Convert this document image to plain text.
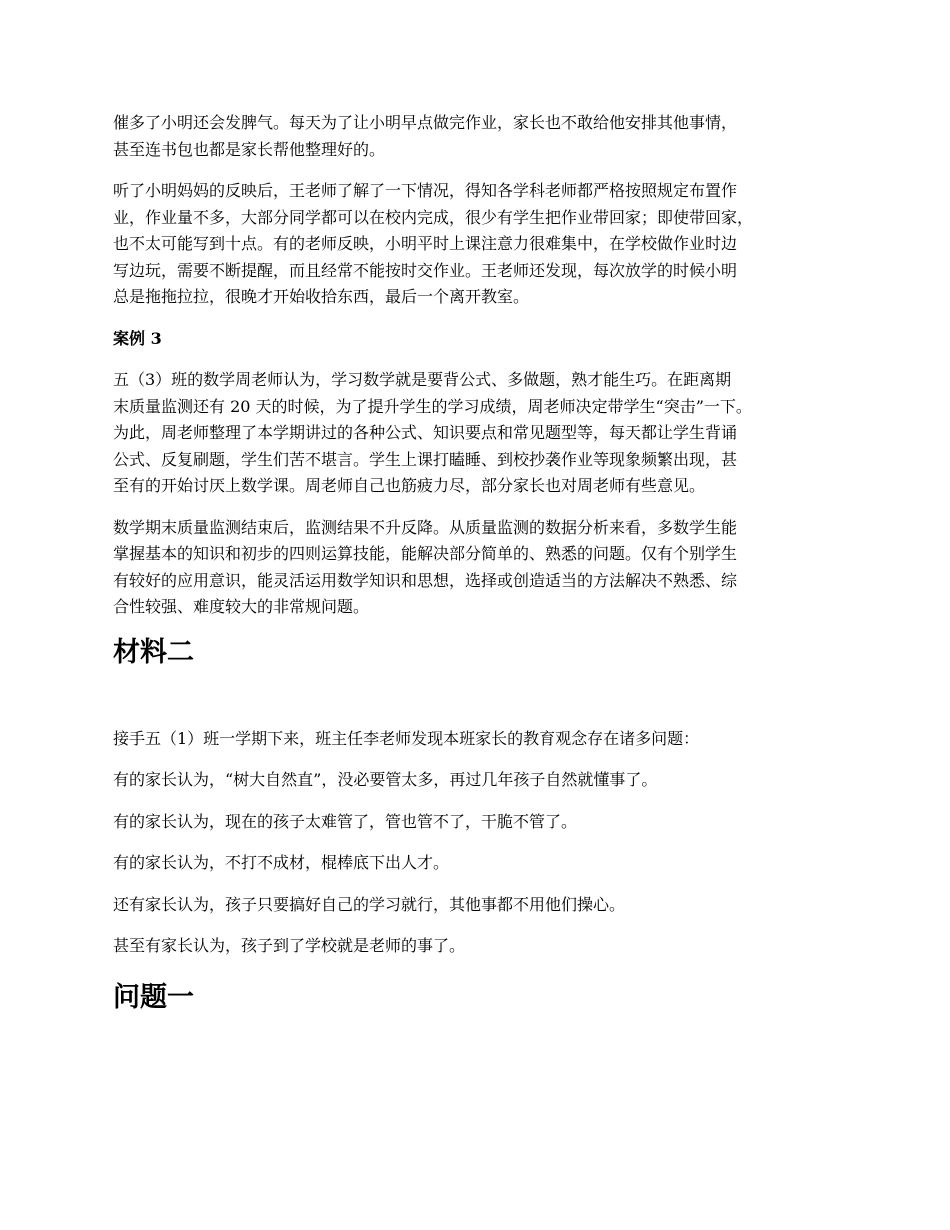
催多了小明还会发脾气。每天为了让小明早点做完作业，家长也不敢给他安排其他事情，
甚至连书包也都是家长帮他整理好的。

听了小明妈妈的反映后，王老师了解了一下情况，得知各学科老师都严格按照规定布置作
业，作业量不多，大部分同学都可以在校内完成，很少有学生把作业带回家；即使带回家，
也不太可能写到十点。有的老师反映，小明平时上课注意力很难集中，在学校做作业时边
写边玩，需要不断提醒，而且经常不能按时交作业。王老师还发现，每次放学的时候小明
总是拖拖拉拉，很晚才开始收拾东西，最后一个离开教室。

案例 3

五（3）班的数学周老师认为，学习数学就是要背公式、多做题，熟才能生巧。在距离期
末质量监测还有 20 天的时候，为了提升学生的学习成绩，周老师决定带学生“突击”一下。
为此，周老师整理了本学期讲过的各种公式、知识要点和常见题型等，每天都让学生背诵
公式、反复刷题，学生们苦不堪言。学生上课打瞌睡、到校抄袭作业等现象频繁出现，甚
至有的开始讨厌上数学课。周老师自己也筋疲力尽，部分家长也对周老师有些意见。

数学期末质量监测结束后，监测结果不升反降。从质量监测的数据分析来看，多数学生能
掌握基本的知识和初步的四则运算技能，能解决部分简单的、熟悉的问题。仅有个别学生
有较好的应用意识，能灵活运用数学知识和思想，选择或创造适当的方法解决不熟悉、综
合性较强、难度较大的非常规问题。

材料二

接手五（1）班一学期下来，班主任李老师发现本班家长的教育观念存在诸多问题：

有的家长认为，“树大自然直”，没必要管太多，再过几年孩子自然就懂事了。

有的家长认为，现在的孩子太难管了，管也管不了，干脆不管了。

有的家长认为，不打不成材，棍棒底下出人才。

还有家长认为，孩子只要搞好自己的学习就行，其他事都不用他们操心。

甚至有家长认为，孩子到了学校就是老师的事了。

问题一
